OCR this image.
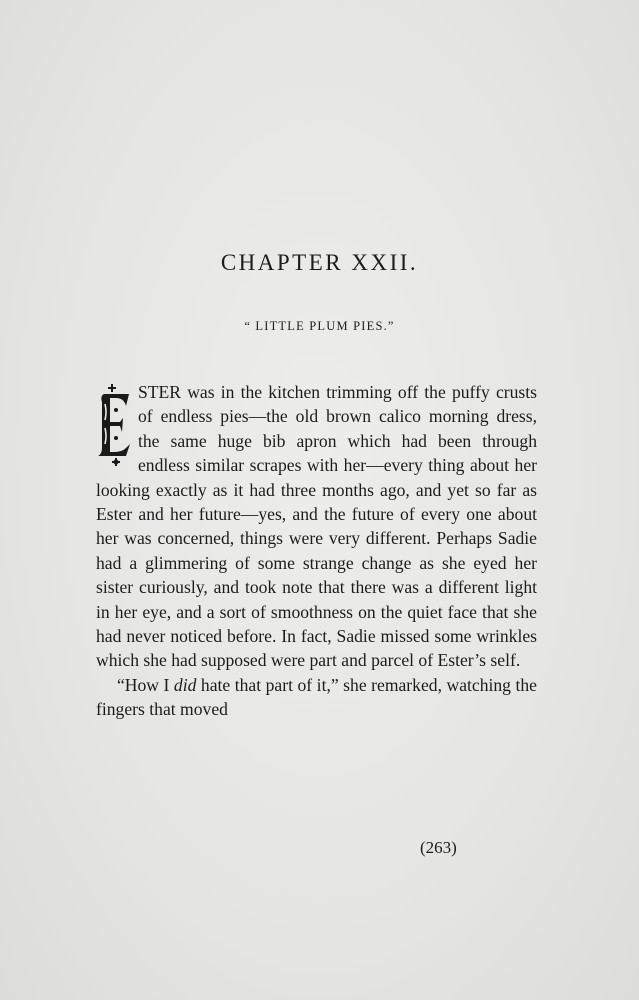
CHAPTER XXII.
“ LITTLE PLUM PIES.”

STER was in the kitchen trimming off the puffy crusts of endless pies—the old brown calico morning dress, the same huge bib apron which had been through endless similar scrapes with her—every thing about her looking exactly as it had three months ago, and yet so far as Ester and her future—yes, and the future of every one about her was concerned, things were very different. Perhaps Sadie had a glimmering of some strange change as she eyed her sister curiously, and took note that there was a different light in her eye, and a sort of smoothness on the quiet face that she had never noticed before. In fact, Sadie missed some wrinkles which she had supposed were part and parcel of Ester’s self.

“How I did hate that part of it,” she remarked, watching the fingers that moved

(263)
